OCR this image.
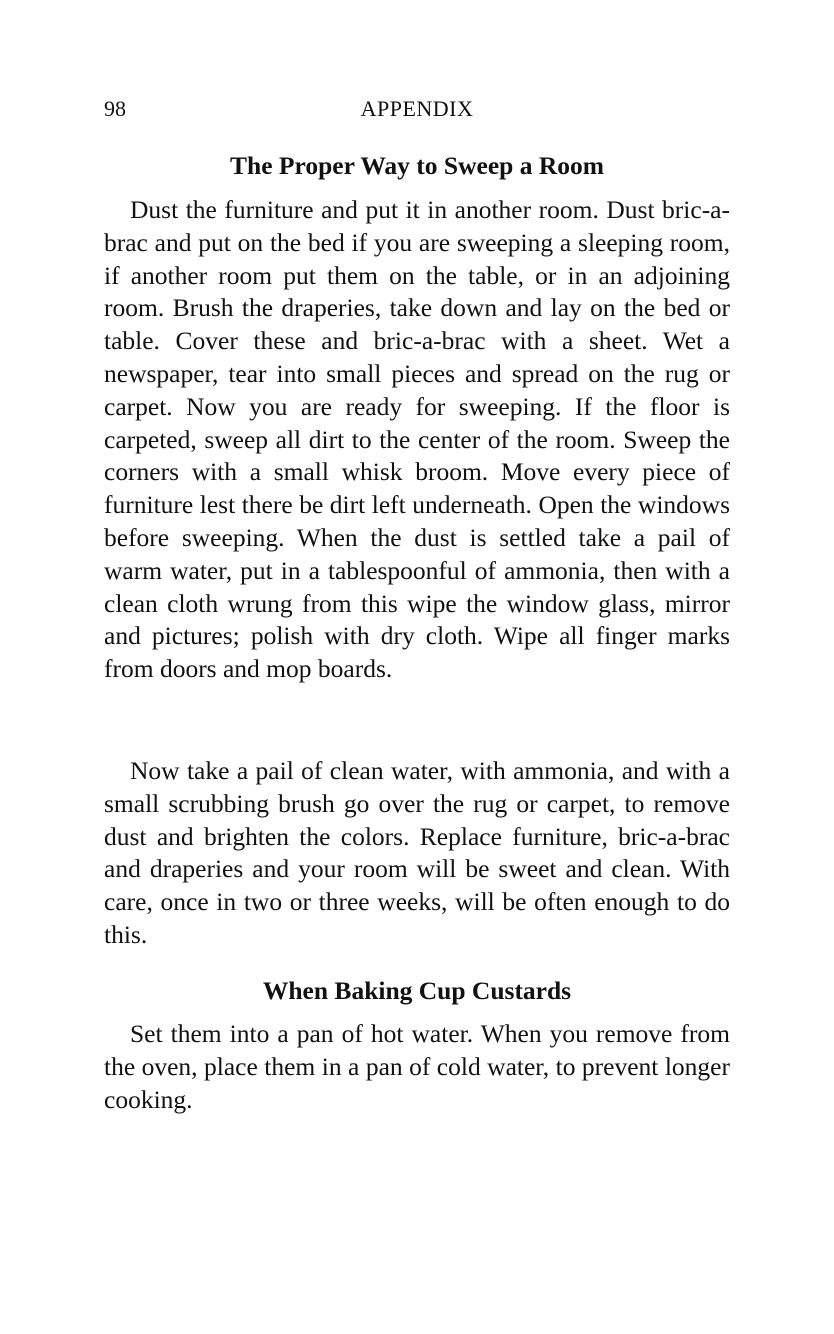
98	APPENDIX
The Proper Way to Sweep a Room

Dust the furniture and put it in another room. Dust bric-a-brac and put on the bed if you are sweeping a sleeping room, if another room put them on the table, or in an adjoining room. Brush the draperies, take down and lay on the bed or table. Cover these and bric-a-brac with a sheet. Wet a newspaper, tear into small pieces and spread on the rug or carpet. Now you are ready for sweeping. If the floor is carpeted, sweep all dirt to the center of the room. Sweep the corners with a small whisk broom. Move every piece of furniture lest there be dirt left underneath. Open the windows before sweeping. When the dust is settled take a pail of warm water, put in a tablespoonful of ammonia, then with a clean cloth wrung from this wipe the window glass, mirror and pictures; polish with dry cloth. Wipe all finger marks from doors and mop boards.

Now take a pail of clean water, with ammonia, and with a small scrubbing brush go over the rug or carpet, to remove dust and brighten the colors. Replace furniture, bric-a-brac and draperies and your room will be sweet and clean. With care, once in two or three weeks, will be often enough to do this.

When Baking Cup Custards

Set them into a pan of hot water. When you remove from the oven, place them in a pan of cold water, to prevent longer cooking.
